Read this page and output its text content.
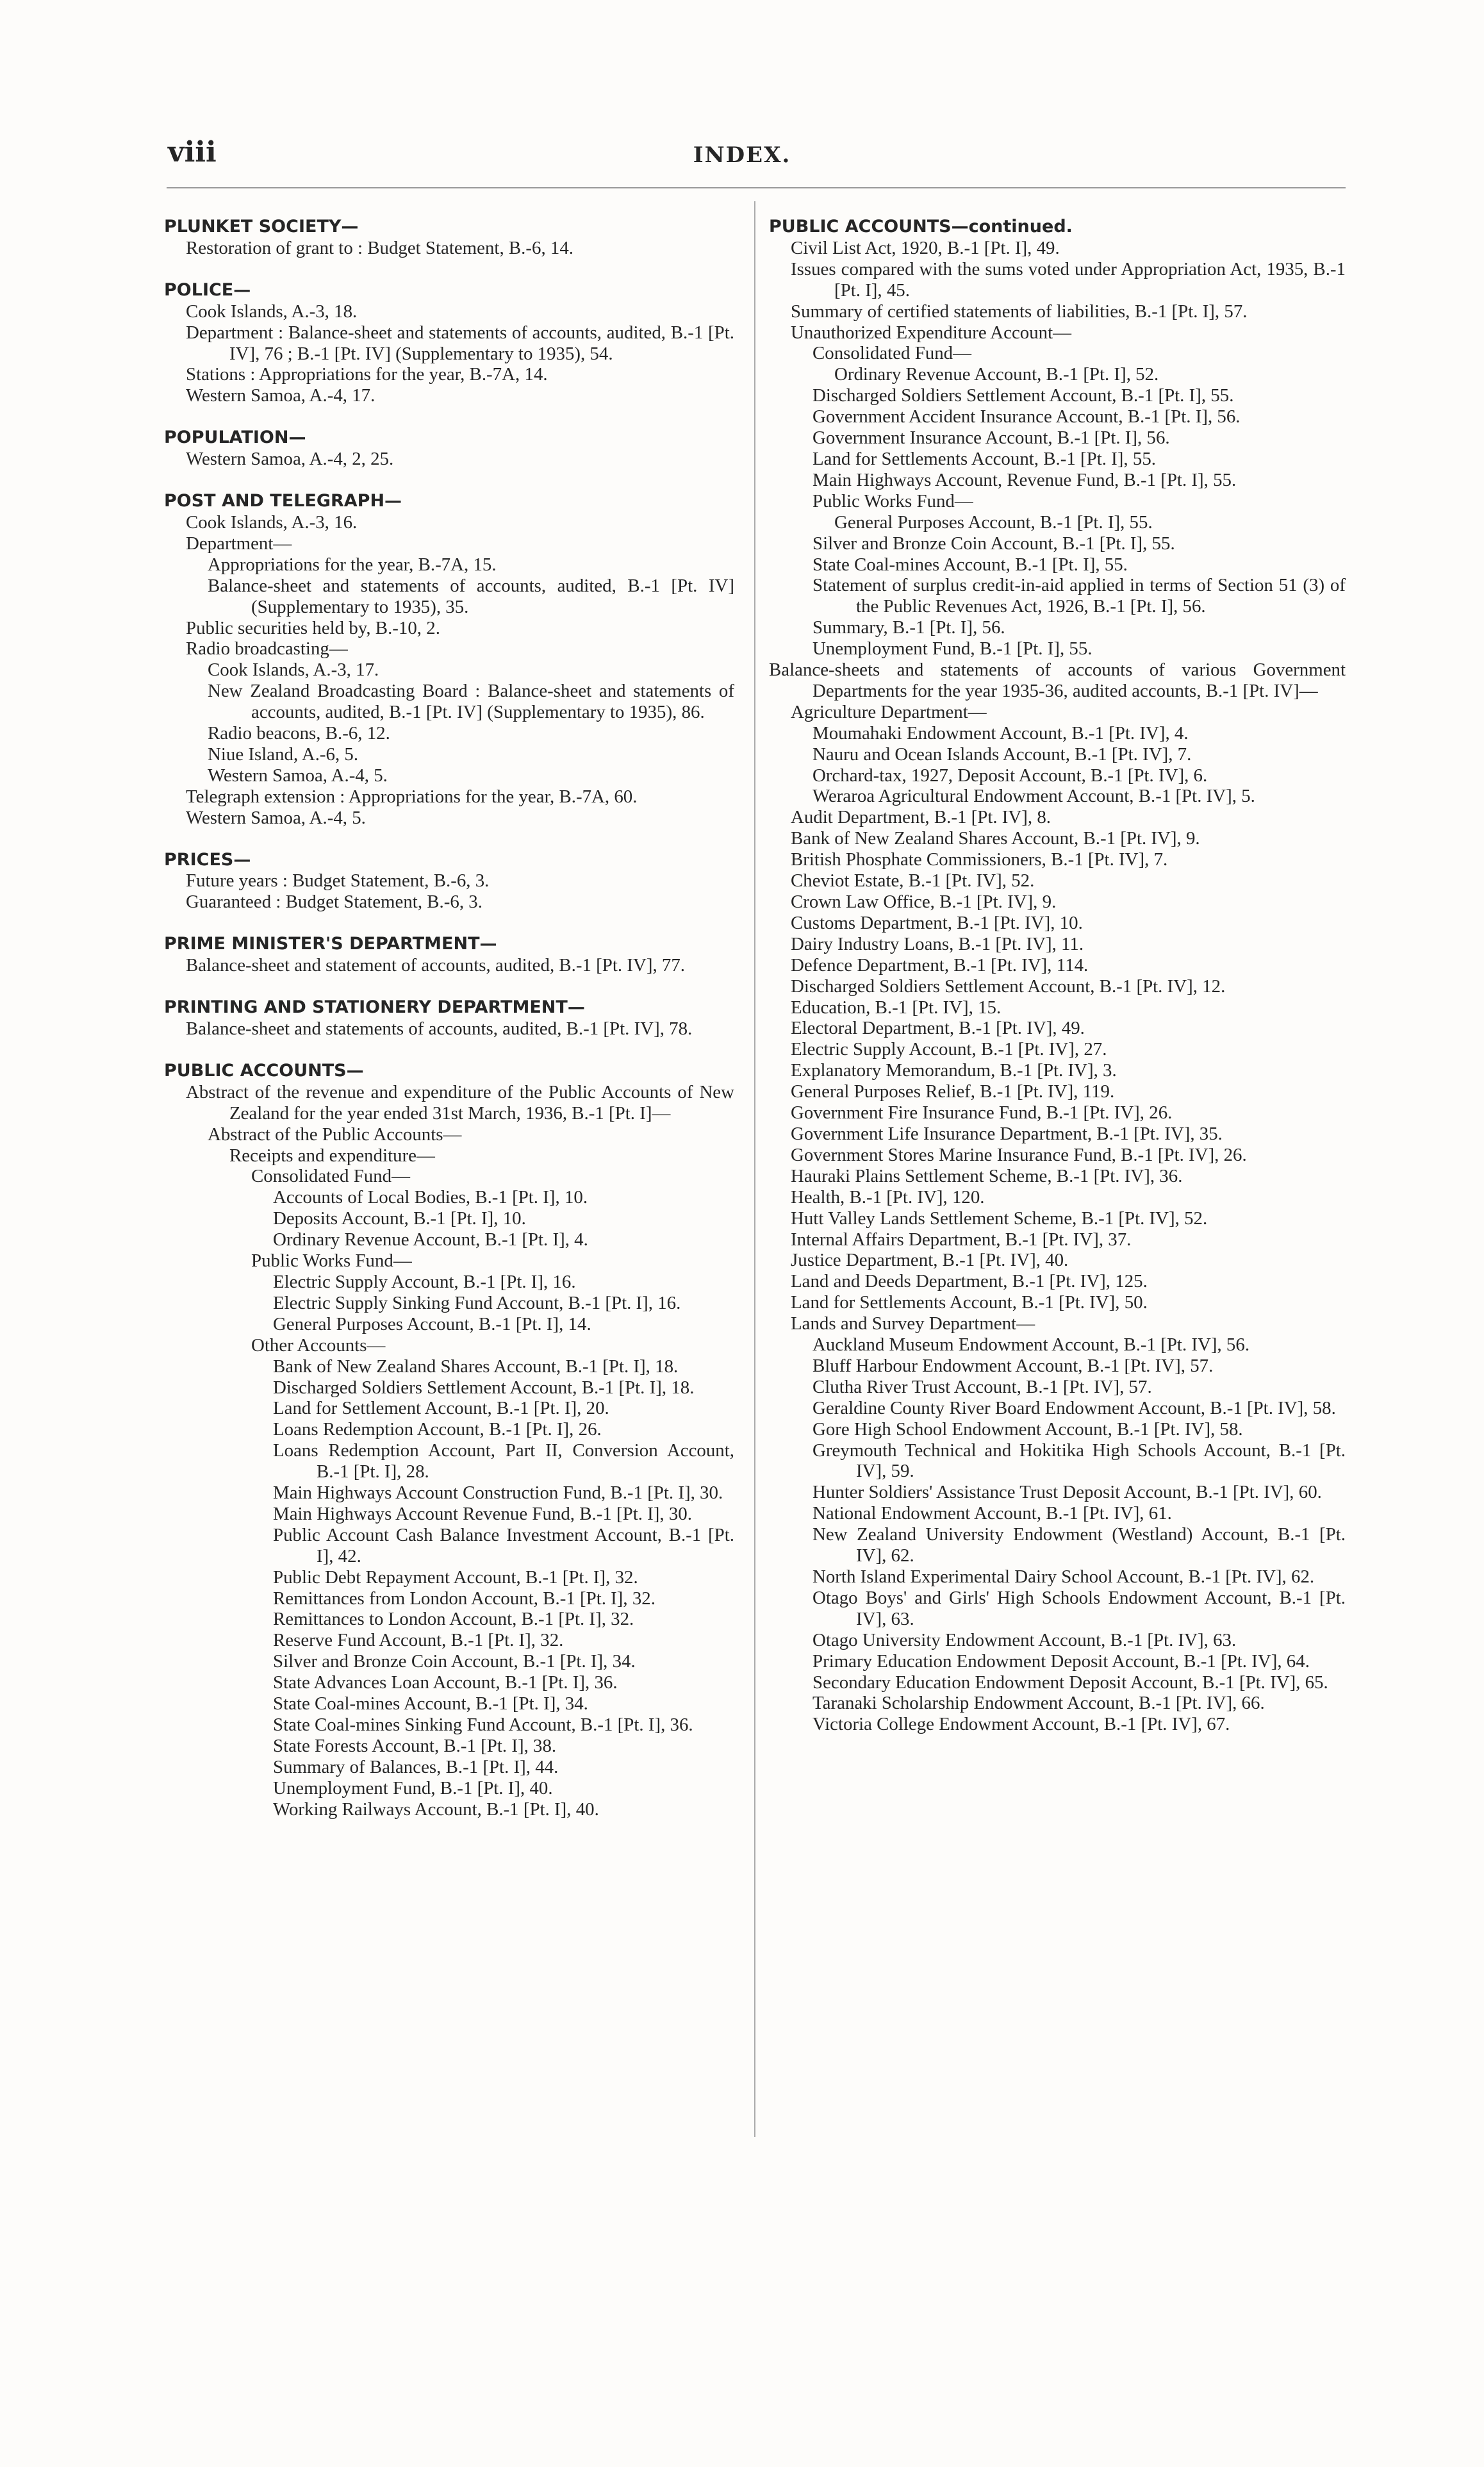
viii	INDEX.
PLUNKET SOCIETY—
Restoration of grant to : Budget Statement, B.-6, 14.
POLICE—
Cook Islands, A.-3, 18.
Department : Balance-sheet and statements of accounts, audited, B.-1 [Pt. IV], 76 ; B.-1 [Pt. IV] (Supplementary to 1935), 54.
Stations : Appropriations for the year, B.-7A, 14.
Western Samoa, A.-4, 17.
POPULATION—
Western Samoa, A.-4, 2, 25.
POST AND TELEGRAPH—
Cook Islands, A.-3, 16.
Department—
Appropriations for the year, B.-7A, 15.
Balance-sheet and statements of accounts, audited, B.-1 [Pt. IV] (Supplementary to 1935), 35.
Public securities held by, B.-10, 2.
Radio broadcasting—
Cook Islands, A.-3, 17.
New Zealand Broadcasting Board : Balance-sheet and statements of accounts, audited, B.-1 [Pt. IV] (Supplementary to 1935), 86.
Radio beacons, B.-6, 12.
Niue Island, A.-6, 5.
Western Samoa, A.-4, 5.
Telegraph extension : Appropriations for the year, B.-7A, 60.
Western Samoa, A.-4, 5.
PRICES—
Future years : Budget Statement, B.-6, 3.
Guaranteed : Budget Statement, B.-6, 3.
PRIME MINISTER'S DEPARTMENT—
Balance-sheet and statement of accounts, audited, B.-1 [Pt. IV], 77.
PRINTING AND STATIONERY DEPARTMENT—
Balance-sheet and statements of accounts, audited, B.-1 [Pt. IV], 78.
PUBLIC ACCOUNTS—
Abstract of the revenue and expenditure of the Public Accounts of New Zealand for the year ended 31st March, 1936, B.-1 [Pt. I]—
Abstract of the Public Accounts—
Receipts and expenditure—
Consolidated Fund—
Accounts of Local Bodies, B.-1 [Pt. I], 10.
Deposits Account, B.-1 [Pt. I], 10.
Ordinary Revenue Account, B.-1 [Pt. I], 4.
Public Works Fund—
Electric Supply Account, B.-1 [Pt. I], 16.
Electric Supply Sinking Fund Account, B.-1 [Pt. I], 16.
General Purposes Account, B.-1 [Pt. I], 14.
Other Accounts—
Bank of New Zealand Shares Account, B.-1 [Pt. I], 18.
Discharged Soldiers Settlement Account, B.-1 [Pt. I], 18.
Land for Settlement Account, B.-1 [Pt. I], 20.
Loans Redemption Account, B.-1 [Pt. I], 26.
Loans Redemption Account, Part II, Conversion Account, B.-1 [Pt. I], 28.
Main Highways Account Construction Fund, B.-1 [Pt. I], 30.
Main Highways Account Revenue Fund, B.-1 [Pt. I], 30.
Public Account Cash Balance Investment Account, B.-1 [Pt. I], 42.
Public Debt Repayment Account, B.-1 [Pt. I], 32.
Remittances from London Account, B.-1 [Pt. I], 32.
Remittances to London Account, B.-1 [Pt. I], 32.
Reserve Fund Account, B.-1 [Pt. I], 32.
Silver and Bronze Coin Account, B.-1 [Pt. I], 34.
State Advances Loan Account, B.-1 [Pt. I], 36.
State Coal-mines Account, B.-1 [Pt. I], 34.
State Coal-mines Sinking Fund Account, B.-1 [Pt. I], 36.
State Forests Account, B.-1 [Pt. I], 38.
Summary of Balances, B.-1 [Pt. I], 44.
Unemployment Fund, B.-1 [Pt. I], 40.
Working Railways Account, B.-1 [Pt. I], 40.
PUBLIC ACCOUNTS—continued.
Civil List Act, 1920, B.-1 [Pt. I], 49.
Issues compared with the sums voted under Appropriation Act, 1935, B.-1 [Pt. I], 45.
Summary of certified statements of liabilities, B.-1 [Pt. I], 57.
Unauthorized Expenditure Account—
Consolidated Fund—
Ordinary Revenue Account, B.-1 [Pt. I], 52.
Discharged Soldiers Settlement Account, B.-1 [Pt. I], 55.
Government Accident Insurance Account, B.-1 [Pt. I], 56.
Government Insurance Account, B.-1 [Pt. I], 56.
Land for Settlements Account, B.-1 [Pt. I], 55.
Main Highways Account, Revenue Fund, B.-1 [Pt. I], 55.
Public Works Fund—
General Purposes Account, B.-1 [Pt. I], 55.
Silver and Bronze Coin Account, B.-1 [Pt. I], 55.
State Coal-mines Account, B.-1 [Pt. I], 55.
Statement of surplus credit-in-aid applied in terms of Section 51 (3) of the Public Revenues Act, 1926, B.-1 [Pt. I], 56.
Summary, B.-1 [Pt. I], 56.
Unemployment Fund, B.-1 [Pt. I], 55.
Balance-sheets and statements of accounts of various Government Departments for the year 1935-36, audited accounts, B.-1 [Pt. IV]—
Agriculture Department—
Moumahaki Endowment Account, B.-1 [Pt. IV], 4.
Nauru and Ocean Islands Account, B.-1 [Pt. IV], 7.
Orchard-tax, 1927, Deposit Account, B.-1 [Pt. IV], 6.
Weraroa Agricultural Endowment Account, B.-1 [Pt. IV], 5.
Audit Department, B.-1 [Pt. IV], 8.
Bank of New Zealand Shares Account, B.-1 [Pt. IV], 9.
British Phosphate Commissioners, B.-1 [Pt. IV], 7.
Cheviot Estate, B.-1 [Pt. IV], 52.
Crown Law Office, B.-1 [Pt. IV], 9.
Customs Department, B.-1 [Pt. IV], 10.
Dairy Industry Loans, B.-1 [Pt. IV], 11.
Defence Department, B.-1 [Pt. IV], 114.
Discharged Soldiers Settlement Account, B.-1 [Pt. IV], 12.
Education, B.-1 [Pt. IV], 15.
Electoral Department, B.-1 [Pt. IV], 49.
Electric Supply Account, B.-1 [Pt. IV], 27.
Explanatory Memorandum, B.-1 [Pt. IV], 3.
General Purposes Relief, B.-1 [Pt. IV], 119.
Government Fire Insurance Fund, B.-1 [Pt. IV], 26.
Government Life Insurance Department, B.-1 [Pt. IV], 35.
Government Stores Marine Insurance Fund, B.-1 [Pt. IV], 26.
Hauraki Plains Settlement Scheme, B.-1 [Pt. IV], 36.
Health, B.-1 [Pt. IV], 120.
Hutt Valley Lands Settlement Scheme, B.-1 [Pt. IV], 52.
Internal Affairs Department, B.-1 [Pt. IV], 37.
Justice Department, B.-1 [Pt. IV], 40.
Land and Deeds Department, B.-1 [Pt. IV], 125.
Land for Settlements Account, B.-1 [Pt. IV], 50.
Lands and Survey Department—
Auckland Museum Endowment Account, B.-1 [Pt. IV], 56.
Bluff Harbour Endowment Account, B.-1 [Pt. IV], 57.
Clutha River Trust Account, B.-1 [Pt. IV], 57.
Geraldine County River Board Endowment Account, B.-1 [Pt. IV], 58.
Gore High School Endowment Account, B.-1 [Pt. IV], 58.
Greymouth Technical and Hokitika High Schools Account, B.-1 [Pt. IV], 59.
Hunter Soldiers' Assistance Trust Deposit Account, B.-1 [Pt. IV], 60.
National Endowment Account, B.-1 [Pt. IV], 61.
New Zealand University Endowment (Westland) Account, B.-1 [Pt. IV], 62.
North Island Experimental Dairy School Account, B.-1 [Pt. IV], 62.
Otago Boys' and Girls' High Schools Endowment Account, B.-1 [Pt. IV], 63.
Otago University Endowment Account, B.-1 [Pt. IV], 63.
Primary Education Endowment Deposit Account, B.-1 [Pt. IV], 64.
Secondary Education Endowment Deposit Account, B.-1 [Pt. IV], 65.
Taranaki Scholarship Endowment Account, B.-1 [Pt. IV], 66.
Victoria College Endowment Account, B.-1 [Pt. IV], 67.
